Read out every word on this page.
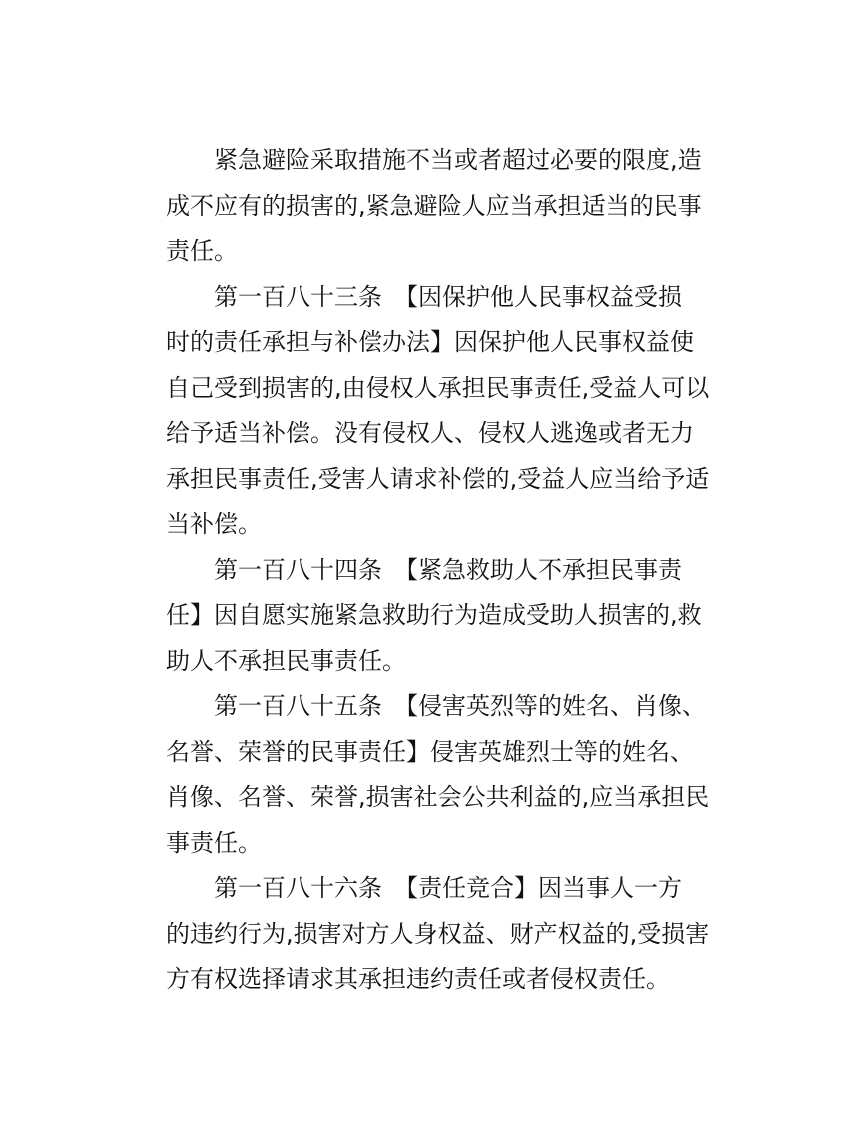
紧急避险采取措施不当或者超过必要的限度,造
成不应有的损害的,紧急避险人应当承担适当的民事
责任。
第一百八十三条　【因保护他人民事权益受损
时的责任承担与补偿办法】因保护他人民事权益使
自己受到损害的,由侵权人承担民事责任,受益人可以
给予适当补偿。没有侵权人、侵权人逃逸或者无力
承担民事责任,受害人请求补偿的,受益人应当给予适
当补偿。
第一百八十四条　【紧急救助人不承担民事责
任】因自愿实施紧急救助行为造成受助人损害的,救
助人不承担民事责任。
第一百八十五条　【侵害英烈等的姓名、肖像、
名誉、荣誉的民事责任】侵害英雄烈士等的姓名、
肖像、名誉、荣誉,损害社会公共利益的,应当承担民
事责任。
第一百八十六条　【责任竞合】因当事人一方
的违约行为,损害对方人身权益、财产权益的,受损害
方有权选择请求其承担违约责任或者侵权责任。
